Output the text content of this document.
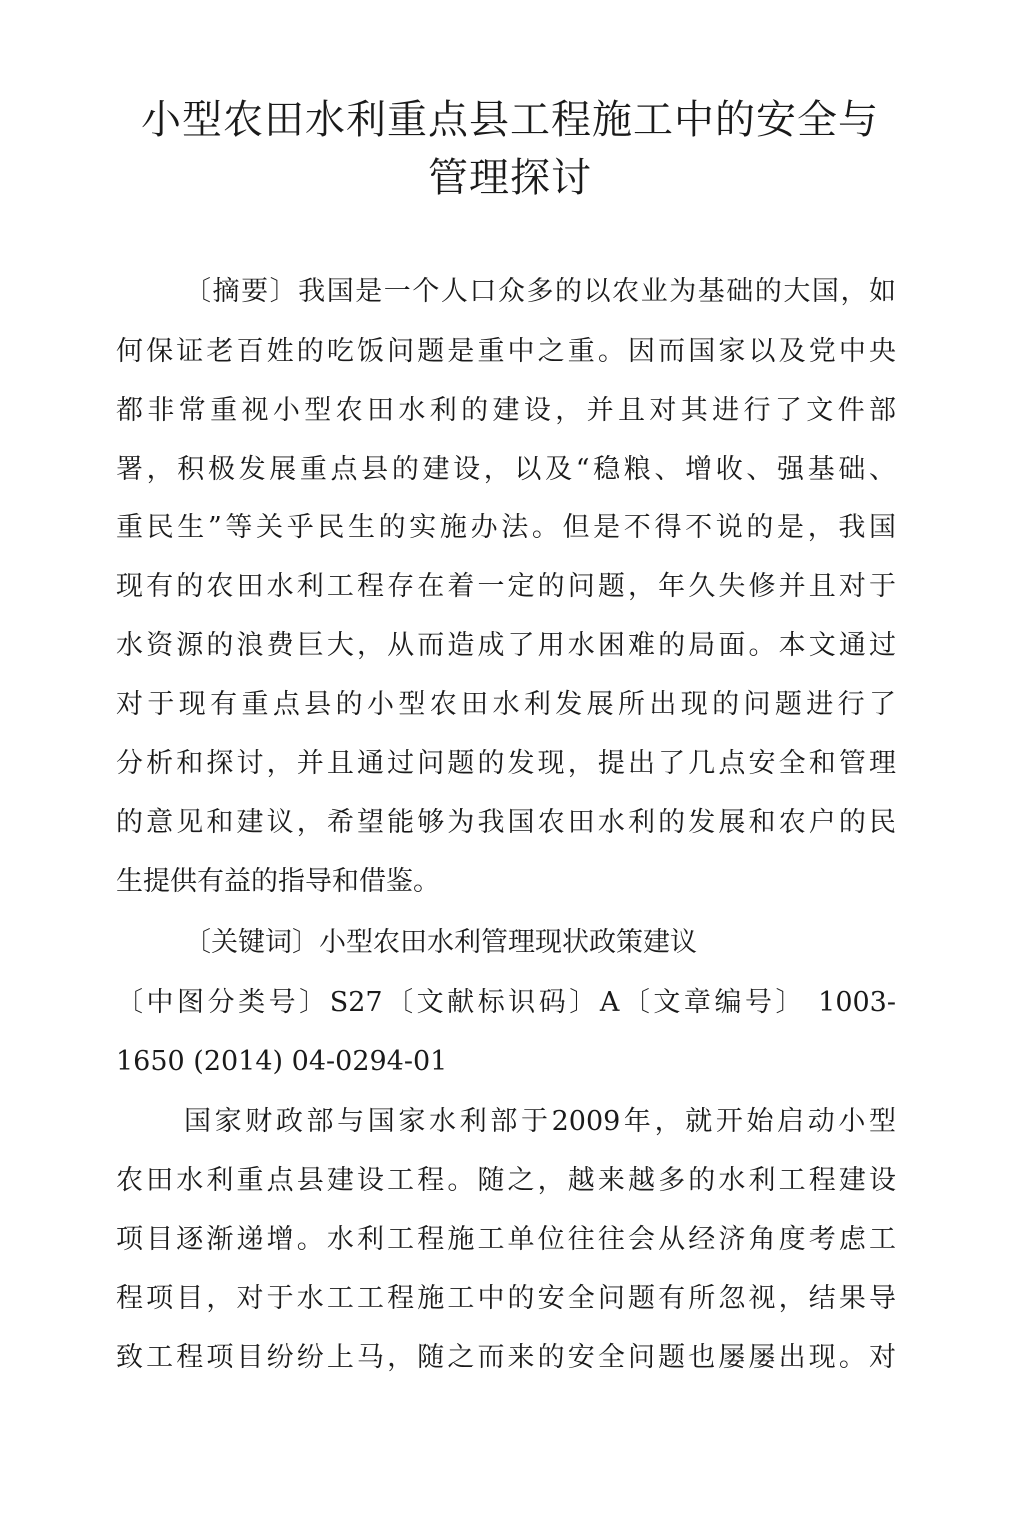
小型农田水利重点县工程施工中的安全与
管理探讨

〔摘要〕我国是一个人口众多的以农业为基础的大国，如

何保证老百姓的吃饭问题是重中之重。因而国家以及党中央

都非常重视小型农田水利的建设，并且对其进行了文件部

署，积极发展重点县的建设，以及“稳粮、增收、强基础、

重民生”等关乎民生的实施办法。但是不得不说的是，我国

现有的农田水利工程存在着一定的问题，年久失修并且对于

水资源的浪费巨大，从而造成了用水困难的局面。本文通过

对于现有重点县的小型农田水利发展所出现的问题进行了

分析和探讨，并且通过问题的发现，提出了几点安全和管理

的意见和建议，希望能够为我国农田水利的发展和农户的民

生提供有益的指导和借鉴。

〔关键词〕小型农田水利管理现状政策建议

〔中图分类号〕S27〔文献标识码〕A〔文章编号〕 1003-

1650 (2014) 04-0294-01

国家财政部与国家水利部于2009年，就开始启动小型

农田水利重点县建设工程。随之，越来越多的水利工程建设

项目逐渐递增。水利工程施工单位往往会从经济角度考虑工

程项目，对于水工工程施工中的安全问题有所忽视，结果导

致工程项目纷纷上马，随之而来的安全问题也屡屡出现。对
